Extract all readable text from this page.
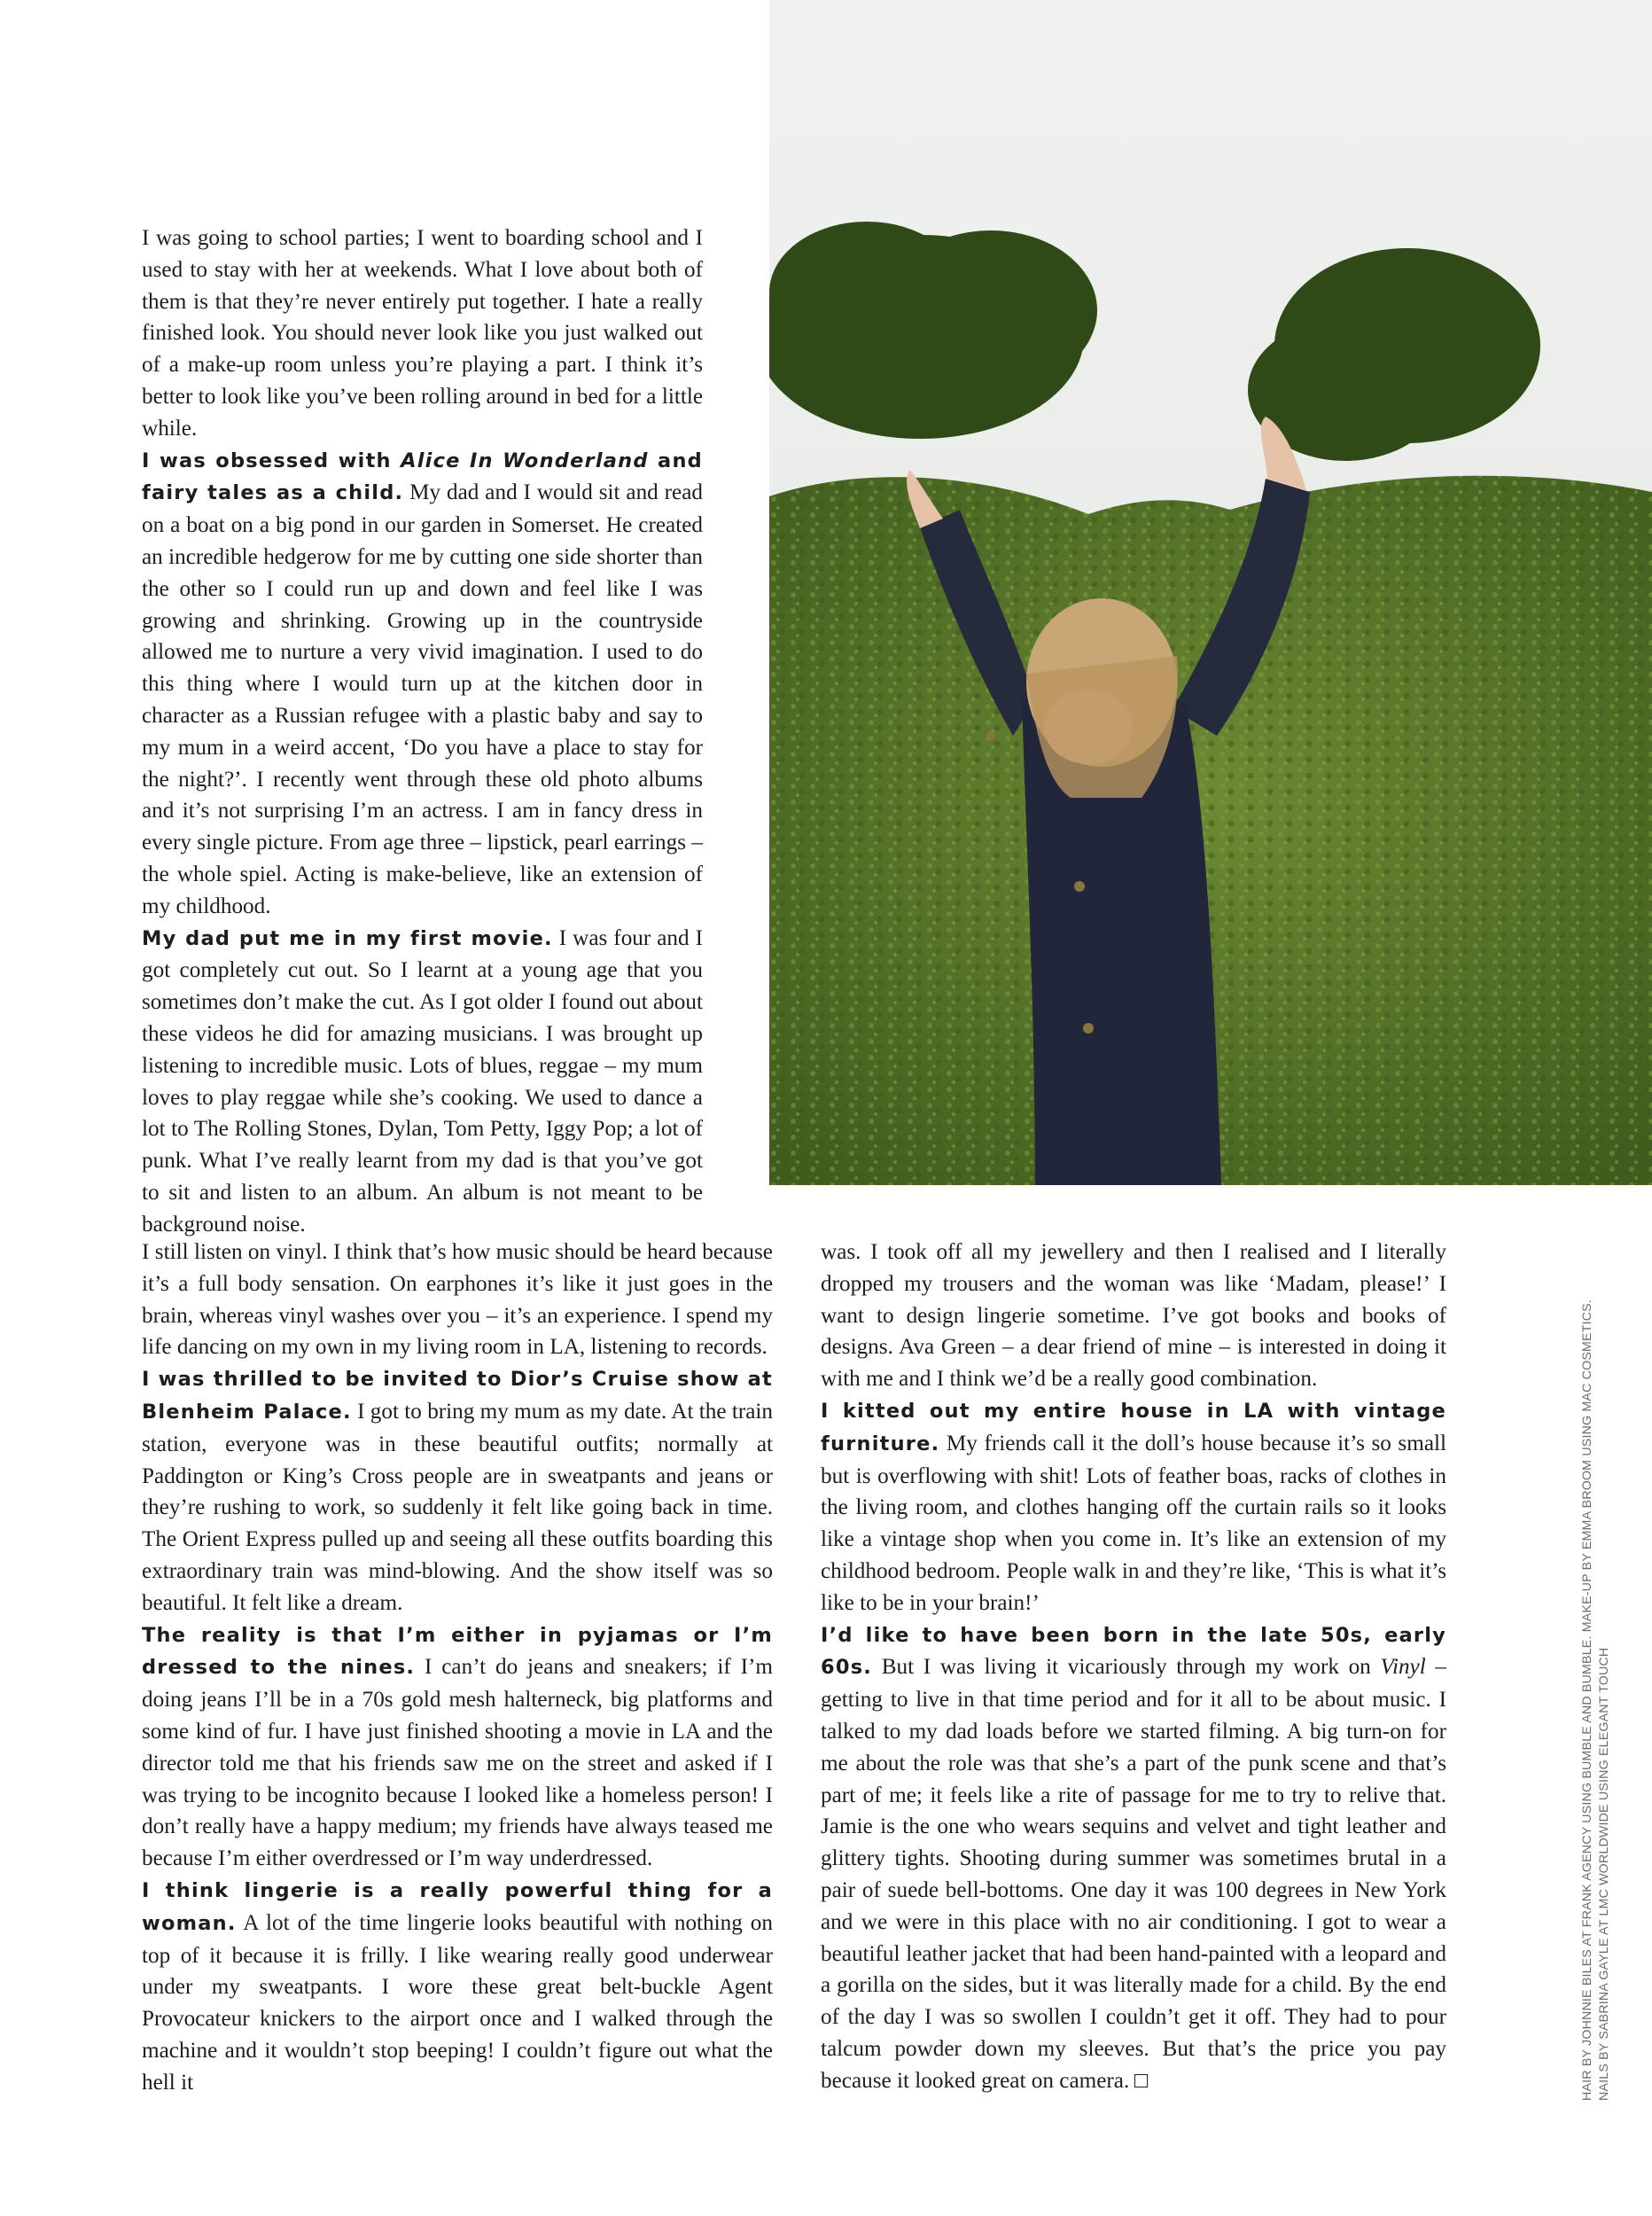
I was going to school parties; I went to boarding school and I used to stay with her at weekends. What I love about both of them is that they’re never entirely put together. I hate a really finished look. You should never look like you just walked out of a make-up room unless you’re playing a part. I think it’s better to look like you’ve been rolling around in bed for a little while.

I was obsessed with Alice In Wonderland and fairy tales as a child. My dad and I would sit and read on a boat on a big pond in our garden in Somerset. He created an incredible hedgerow for me by cutting one side shorter than the other so I could run up and down and feel like I was growing and shrinking. Growing up in the countryside allowed me to nurture a very vivid imagination. I used to do this thing where I would turn up at the kitchen door in character as a Russian refugee with a plastic baby and say to my mum in a weird accent, ‘Do you have a place to stay for the night?’. I recently went through these old photo albums and it’s not surprising I’m an actress. I am in fancy dress in every single picture. From age three – lipstick, pearl earrings – the whole spiel. Acting is make-believe, like an extension of my childhood.

My dad put me in my first movie. I was four and I got completely cut out. So I learnt at a young age that you sometimes don’t make the cut. As I got older I found out about these videos he did for amazing musicians. I was brought up listening to incredible music. Lots of blues, reggae – my mum loves to play reggae while she’s cooking. We used to dance a lot to The Rolling Stones, Dylan, Tom Petty, Iggy Pop; a lot of punk. What I’ve really learnt from my dad is that you’ve got to sit and listen to an album. An album is not meant to be background noise.

I still listen on vinyl. I think that’s how music should be heard because it’s a full body sensation. On earphones it’s like it just goes in the brain, whereas vinyl washes over you – it’s an experience. I spend my life dancing on my own in my living room in LA, listening to records.

I was thrilled to be invited to Dior’s Cruise show at Blenheim Palace. I got to bring my mum as my date. At the train station, everyone was in these beautiful outfits; normally at Paddington or King’s Cross people are in sweatpants and jeans or they’re rushing to work, so suddenly it felt like going back in time. The Orient Express pulled up and seeing all these outfits boarding this extraordinary train was mind-blowing. And the show itself was so beautiful. It felt like a dream.

The reality is that I’m either in pyjamas or I’m dressed to the nines. I can’t do jeans and sneakers; if I’m doing jeans I’ll be in a 70s gold mesh halterneck, big platforms and some kind of fur. I have just finished shooting a movie in LA and the director told me that his friends saw me on the street and asked if I was trying to be incognito because I looked like a homeless person! I don’t really have a happy medium; my friends have always teased me because I’m either overdressed or I’m way underdressed.

I think lingerie is a really powerful thing for a woman. A lot of the time lingerie looks beautiful with nothing on top of it because it is frilly. I like wearing really good underwear under my sweatpants. I wore these great belt-buckle Agent Provocateur knickers to the airport once and I walked through the machine and it wouldn’t stop beeping! I couldn’t figure out what the hell it

was. I took off all my jewellery and then I realised and I literally dropped my trousers and the woman was like ‘Madam, please!’ I want to design lingerie sometime. I’ve got books and books of designs. Ava Green – a dear friend of mine – is interested in doing it with me and I think we’d be a really good combination.

I kitted out my entire house in LA with vintage furniture. My friends call it the doll’s house because it’s so small but is overflowing with shit! Lots of feather boas, racks of clothes in the living room, and clothes hanging off the curtain rails so it looks like a vintage shop when you come in. It’s like an extension of my childhood bedroom. People walk in and they’re like, ‘This is what it’s like to be in your brain!’

I’d like to have been born in the late 50s, early 60s. But I was living it vicariously through my work on Vinyl – getting to live in that time period and for it all to be about music. I talked to my dad loads before we started filming. A big turn-on for me about the role was that she’s a part of the punk scene and that’s part of me; it feels like a rite of passage for me to try to relive that. Jamie is the one who wears sequins and velvet and tight leather and glittery tights. Shooting during summer was sometimes brutal in a pair of suede bell-bottoms. One day it was 100 degrees in New York and we were in this place with no air conditioning. I got to wear a beautiful leather jacket that had been hand-painted with a leopard and a gorilla on the sides, but it was literally made for a child. By the end of the day I was so swollen I couldn’t get it off. They had to pour talcum powder down my sleeves. But that’s the price you pay because it looked great on camera.	HAIR BY JOHNNIE BILES AT FRANK AGENCY USING BUMBLE AND BUMBLE. MAKE-UP BY EMMA BROOM USING MAC COSMETICS. NAILS BY SABRINA GAYLE AT LMC WORLDWIDE USING ELEGANT TOUCH
